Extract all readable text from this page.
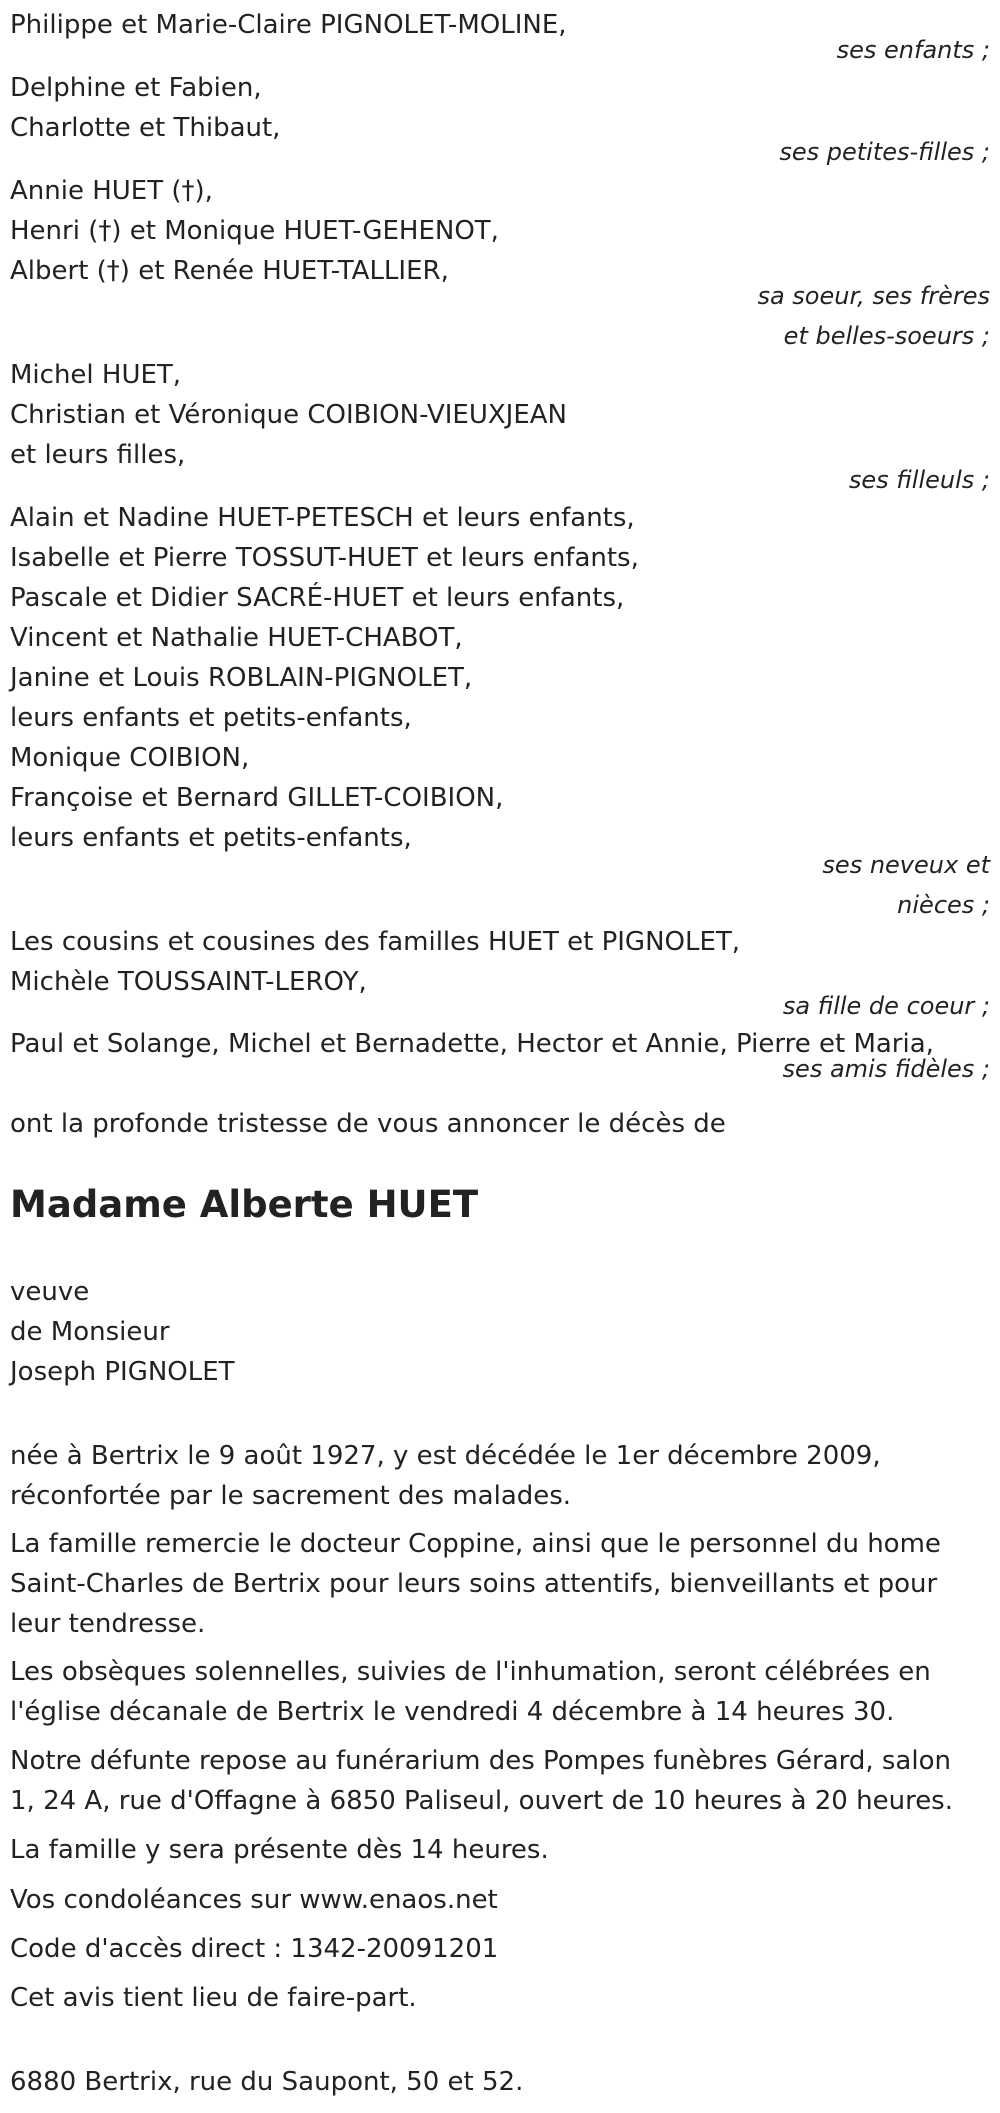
Philippe et Marie-Claire PIGNOLET-MOLINE,
ses enfants ;
Delphine et Fabien,
Charlotte et Thibaut,
ses petites-filles ;
Annie HUET (†),
Henri (†) et Monique HUET-GEHENOT,
Albert (†) et Renée HUET-TALLIER,
sa soeur, ses frères
et belles-soeurs ;
Michel HUET,
Christian et Véronique COIBION-VIEUXJEAN
et leurs filles,
ses filleuls ;
Alain et Nadine HUET-PETESCH et leurs enfants,
Isabelle et Pierre TOSSUT-HUET et leurs enfants,
Pascale et Didier SACRÉ-HUET et leurs enfants,
Vincent et Nathalie HUET-CHABOT,
Janine et Louis ROBLAIN-PIGNOLET,
leurs enfants et petits-enfants,
Monique COIBION,
Françoise et Bernard GILLET-COIBION,
leurs enfants et petits-enfants,
ses neveux et
nièces ;
Les cousins et cousines des familles HUET et PIGNOLET,
Michèle TOUSSAINT-LEROY,
sa fille de coeur ;
Paul et Solange, Michel et Bernadette, Hector et Annie, Pierre et Maria,
ses amis fidèles ;
ont la profonde tristesse de vous annoncer le décès de
Madame Alberte HUET
veuve
de Monsieur
Joseph PIGNOLET
née à Bertrix le 9 août 1927, y est décédée le 1er décembre 2009,
réconfortée par le sacrement des malades.
La famille remercie le docteur Coppine, ainsi que le personnel du home
Saint-Charles de Bertrix pour leurs soins attentifs, bienveillants et pour
leur tendresse.
Les obsèques solennelles, suivies de l'inhumation, seront célébrées en
l'église décanale de Bertrix le vendredi 4 décembre à 14 heures 30.
Notre défunte repose au funérarium des Pompes funèbres Gérard, salon
1, 24 A, rue d'Offagne à 6850 Paliseul, ouvert de 10 heures à 20 heures.
La famille y sera présente dès 14 heures.
Vos condoléances sur www.enaos.net
Code d'accès direct : 1342-20091201
Cet avis tient lieu de faire-part.
6880 Bertrix, rue du Saupont, 50 et 52.
